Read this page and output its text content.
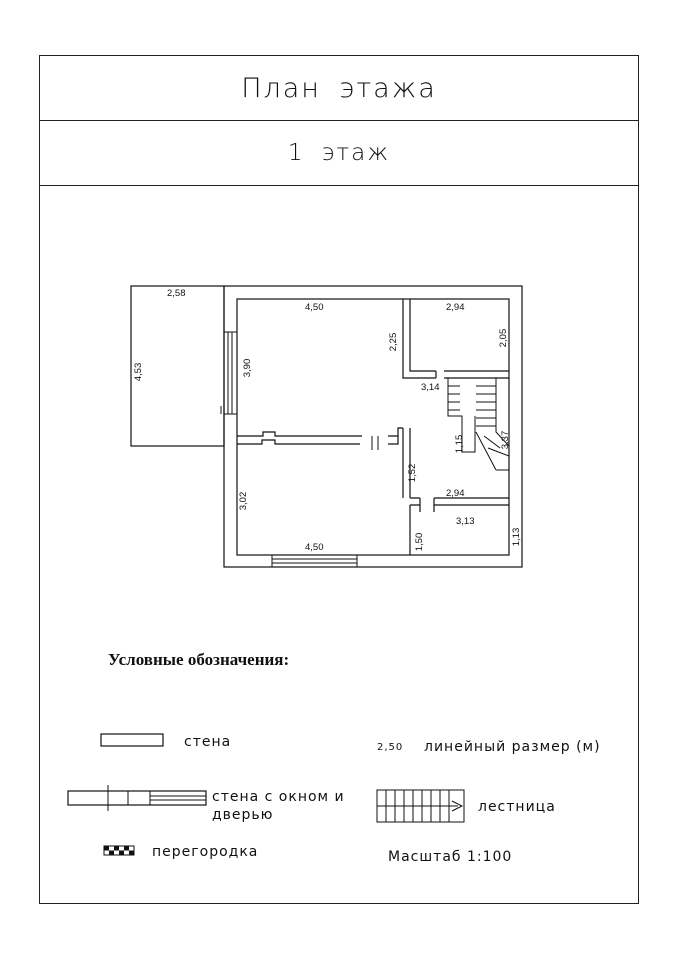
План этажа
1 этаж
2,58
4,53
4,50
3,90
2,94
2,25	2,05
3,14
3,37
1,15
3,02
4,50
1,52
2,94
3,13
1,50	1,13
Условные обозначения:
стена
стена с окном и
дверью
перегородка
2,50 линейный размер (м)
лестница
Масштаб 1:100
